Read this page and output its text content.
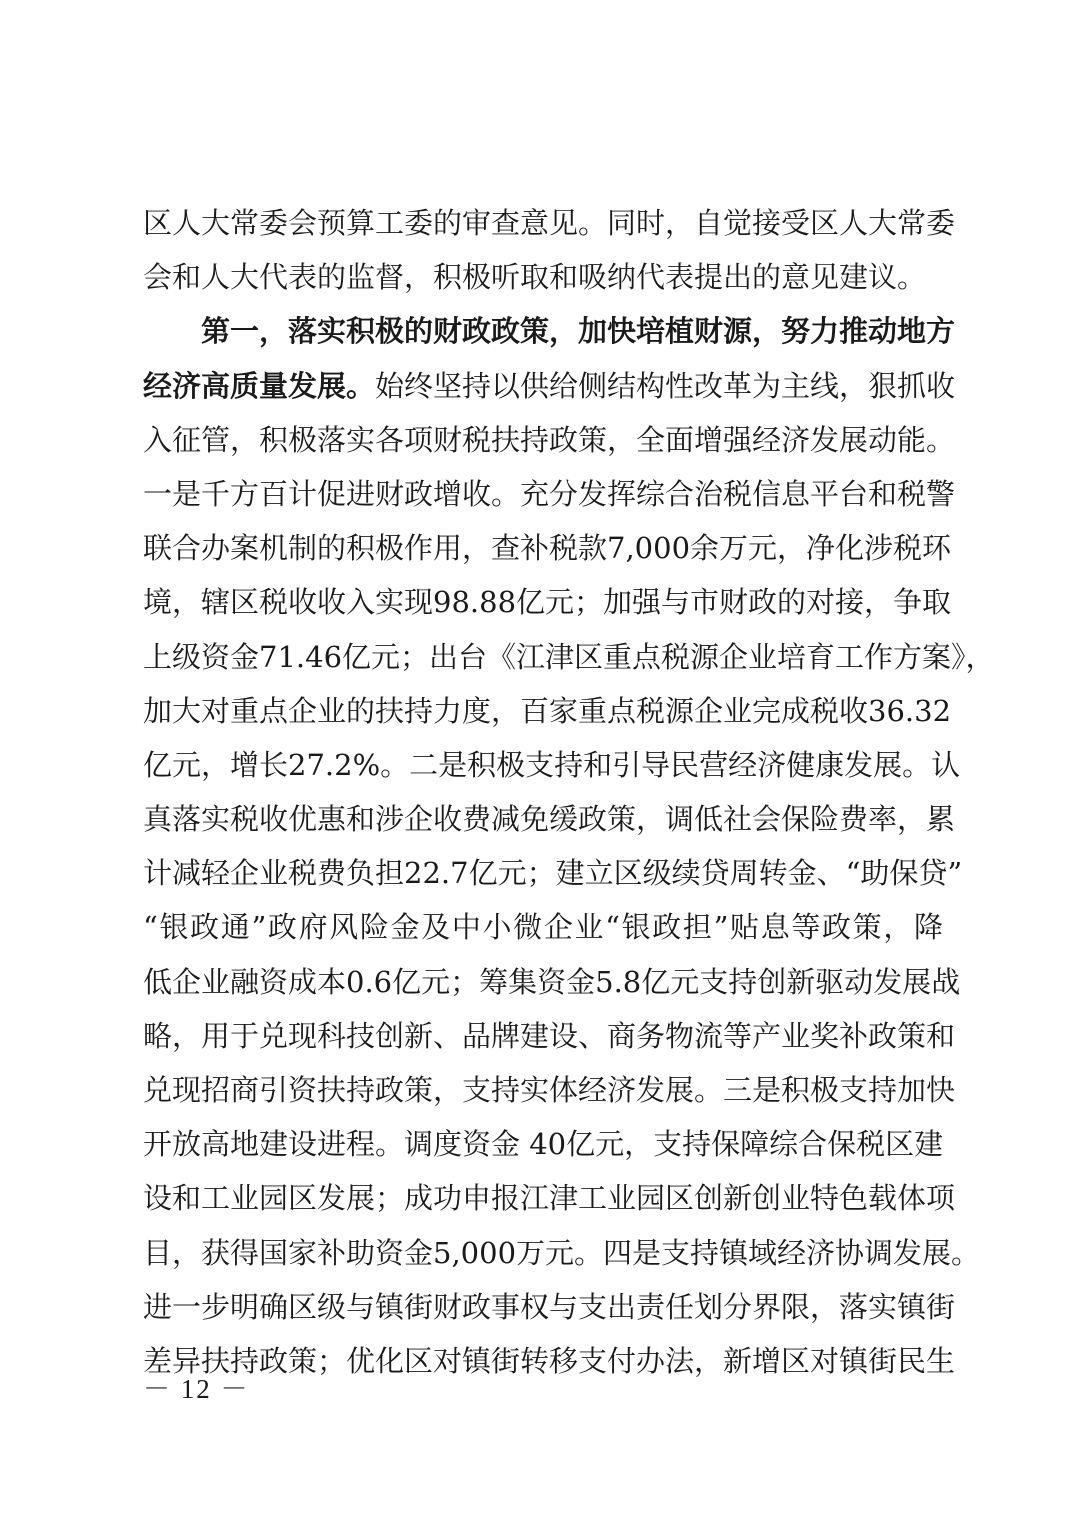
区人大常委会预算工委的审查意见。同时，自觉接受区人大常委
会和人大代表的监督，积极听取和吸纳代表提出的意见建议。
　　第一，落实积极的财政政策，加快培植财源，努力推动地方
经济高质量发展。始终坚持以供给侧结构性改革为主线，狠抓收
入征管，积极落实各项财税扶持政策，全面增强经济发展动能。
一是千方百计促进财政增收。充分发挥综合治税信息平台和税警
联合办案机制的积极作用，查补税款7,000余万元，净化涉税环
境，辖区税收收入实现98.88亿元；加强与市财政的对接，争取
上级资金71.46亿元；出台《江津区重点税源企业培育工作方案》，
加大对重点企业的扶持力度，百家重点税源企业完成税收36.32
亿元，增长27.2%。二是积极支持和引导民营经济健康发展。认
真落实税收优惠和涉企收费减免缓政策，调低社会保险费率，累
计减轻企业税费负担22.7亿元；建立区级续贷周转金、“助保贷”
“银政通”政府风险金及中小微企业“银政担”贴息等政策，降
低企业融资成本0.6亿元；筹集资金5.8亿元支持创新驱动发展战
略，用于兑现科技创新、品牌建设、商务物流等产业奖补政策和
兑现招商引资扶持政策，支持实体经济发展。三是积极支持加快
开放高地建设进程。调度资金 40亿元，支持保障综合保税区建
设和工业园区发展；成功申报江津工业园区创新创业特色载体项
目，获得国家补助资金5,000万元。四是支持镇域经济协调发展。
进一步明确区级与镇街财政事权与支出责任划分界限，落实镇街
差异扶持政策；优化区对镇街转移支付办法，新增区对镇街民生
－ 12 －
